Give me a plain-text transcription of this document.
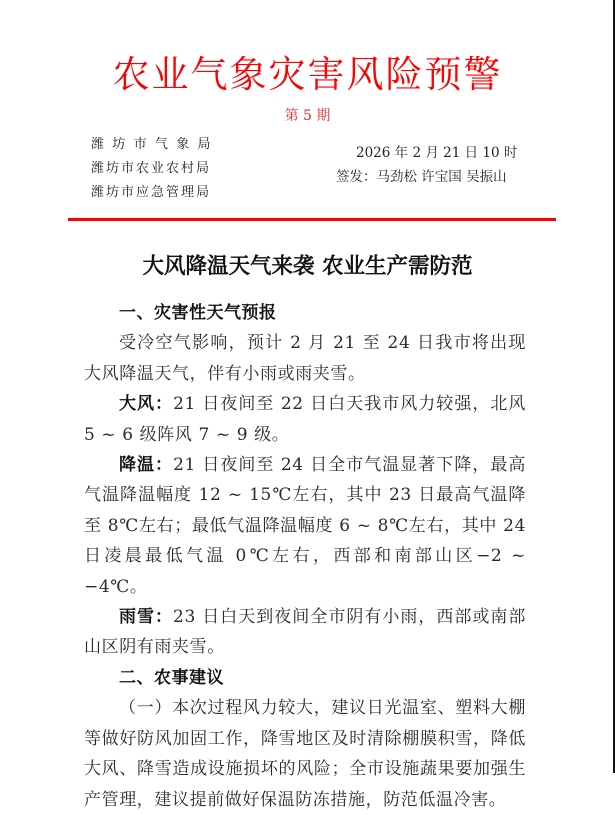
农业气象灾害风险预警
第 5 期
潍坊市气象局
潍坊市农业农村局
潍坊市应急管理局
2026 年 2 月 21 日 10 时
签发：马劲松 许宝国 吴振山
大风降温天气来袭 农业生产需防范

一、灾害性天气预报

受冷空气影响，预计 2 月 21 至 24 日我市将出现大风降温天气，伴有小雨或雨夹雪。

大风：21 日夜间至 22 日白天我市风力较强，北风 5 ~ 6 级阵风 7 ~ 9 级。

降温：21 日夜间至 24 日全市气温显著下降，最高气温降温幅度 12 ~ 15℃左右，其中 23 日最高气温降至 8℃左右；最低气温降温幅度 6 ~ 8℃左右，其中 24 日凌晨最低气温 0℃左右，西部和南部山区−2 ~ −4℃。

雨雪：23 日白天到夜间全市阴有小雨，西部或南部山区阴有雨夹雪。

二、农事建议

（一）本次过程风力较大，建议日光温室、塑料大棚等做好防风加固工作，降雪地区及时清除棚膜积雪，降低大风、降雪造成设施损坏的风险；全市设施蔬果要加强生产管理，建议提前做好保温防冻措施，防范低温冷害。
